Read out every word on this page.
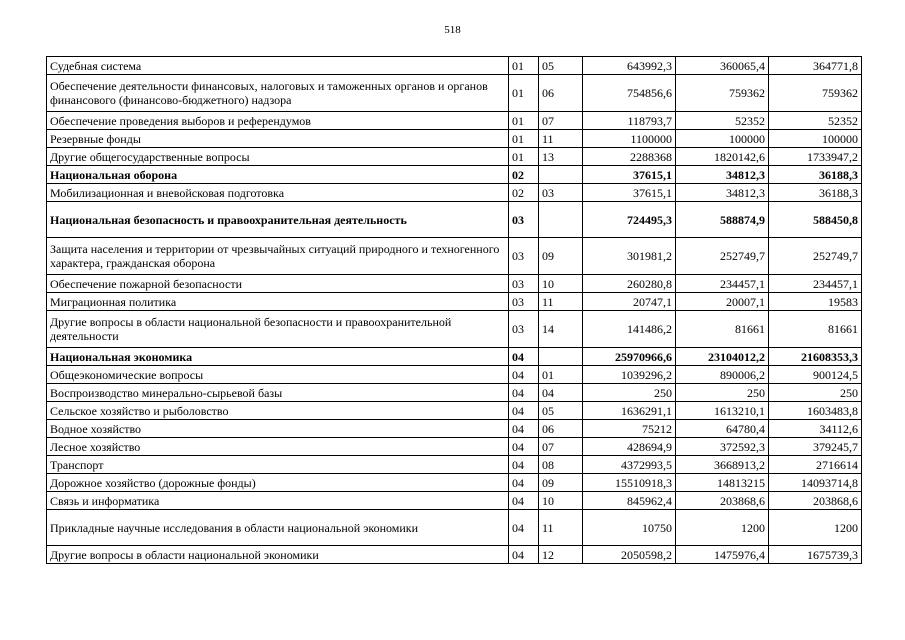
518
Судебная система	01	05	643992,3	360065,4	364771,8
Обеспечение деятельности финансовых, налоговых и таможенных органов и органов финансового (финансово-бюджетного) надзора	01	06	754856,6	759362	759362
Обеспечение проведения выборов и референдумов	01	07	118793,7	52352	52352
Резервные фонды	01	11	1100000	100000	100000
Другие общегосударственные вопросы	01	13	2288368	1820142,6	1733947,2
Национальная оборона	02		37615,1	34812,3	36188,3
Мобилизационная и вневойсковая подготовка	02	03	37615,1	34812,3	36188,3
Национальная безопасность и правоохранительная деятельность	03		724495,3	588874,9	588450,8
Защита населения и территории от чрезвычайных ситуаций природного и техногенного характера, гражданская оборона	03	09	301981,2	252749,7	252749,7
Обеспечение пожарной безопасности	03	10	260280,8	234457,1	234457,1
Миграционная политика	03	11	20747,1	20007,1	19583
Другие вопросы в области национальной безопасности и правоохранительной деятельности	03	14	141486,2	81661	81661
Национальная экономика	04		25970966,6	23104012,2	21608353,3
Общеэкономические вопросы	04	01	1039296,2	890006,2	900124,5
Воспроизводство минерально-сырьевой базы	04	04	250	250	250
Сельское хозяйство и рыболовство	04	05	1636291,1	1613210,1	1603483,8
Водное хозяйство	04	06	75212	64780,4	34112,6
Лесное хозяйство	04	07	428694,9	372592,3	379245,7
Транспорт	04	08	4372993,5	3668913,2	2716614
Дорожное хозяйство (дорожные фонды)	04	09	15510918,3	14813215	14093714,8
Связь и информатика	04	10	845962,4	203868,6	203868,6
Прикладные научные исследования в области национальной экономики	04	11	10750	1200	1200
Другие вопросы в области национальной экономики	04	12	2050598,2	1475976,4	1675739,3
